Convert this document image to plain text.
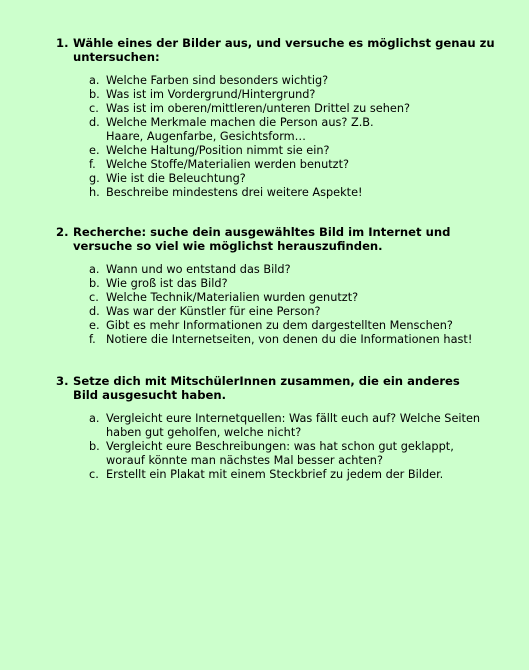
1. Wähle eines der Bilder aus, und versuche es möglichst genau zu untersuchen:
a. Welche Farben sind besonders wichtig?
b. Was ist im Vordergrund/Hintergrund?
c. Was ist im oberen/mittleren/unteren Drittel zu sehen?
d. Welche Merkmale machen die Person aus? Z.B. Haare, Augenfarbe, Gesichtsform…
e. Welche Haltung/Position nimmt sie ein?
f. Welche Stoffe/Materialien werden benutzt?
g. Wie ist die Beleuchtung?
h. Beschreibe mindestens drei weitere Aspekte!
2. Recherche: suche dein ausgewähltes Bild im Internet und versuche so viel wie möglichst herauszufinden.
a. Wann und wo entstand das Bild?
b. Wie groß ist das Bild?
c. Welche Technik/Materialien wurden genutzt?
d. Was war der Künstler für eine Person?
e. Gibt es mehr Informationen zu dem dargestellten Menschen?
f. Notiere die Internetseiten, von denen du die Informationen hast!
3. Setze dich mit MitschülerInnen zusammen, die ein anderes Bild ausgesucht haben.
a. Vergleicht eure Internetquellen: Was fällt euch auf? Welche Seiten haben gut geholfen, welche nicht?
b. Vergleicht eure Beschreibungen: was hat schon gut geklappt, worauf könnte man nächstes Mal besser achten?
c. Erstellt ein Plakat mit einem Steckbrief zu jedem der Bilder.
